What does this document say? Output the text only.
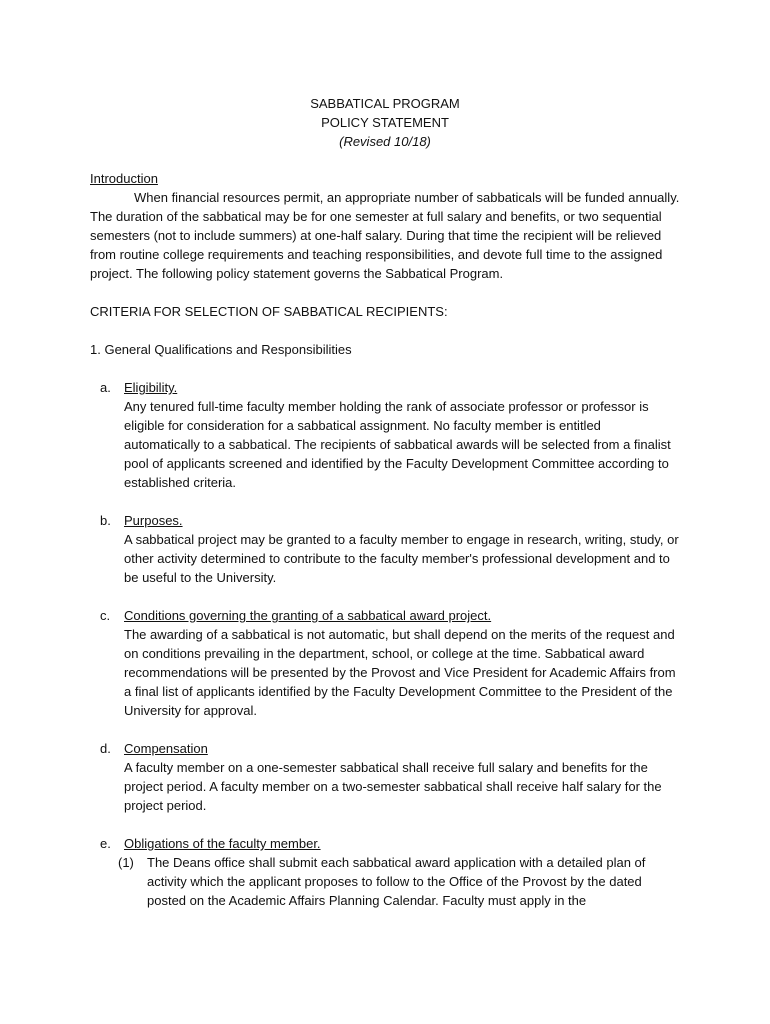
SABBATICAL PROGRAM
POLICY STATEMENT
(Revised 10/18)
Introduction

When financial resources permit, an appropriate number of sabbaticals will be funded annually. The duration of the sabbatical may be for one semester at full salary and benefits, or two sequential semesters (not to include summers) at one-half salary. During that time the recipient will be relieved from routine college requirements and teaching responsibilities, and devote full time to the assigned project. The following policy statement governs the Sabbatical Program.

CRITERIA FOR SELECTION OF SABBATICAL RECIPIENTS:
1. General Qualifications and Responsibilities
a. Eligibility.

Any tenured full-time faculty member holding the rank of associate professor or professor is eligible for consideration for a sabbatical assignment. No faculty member is entitled automatically to a sabbatical. The recipients of sabbatical awards will be selected from a finalist pool of applicants screened and identified by the Faculty Development Committee according to established criteria.

b. Purposes.

A sabbatical project may be granted to a faculty member to engage in research, writing, study, or other activity determined to contribute to the faculty member's professional development and to be useful to the University.

c. Conditions governing the granting of a sabbatical award project.

The awarding of a sabbatical is not automatic, but shall depend on the merits of the request and on conditions prevailing in the department, school, or college at the time. Sabbatical award recommendations will be presented by the Provost and Vice President for Academic Affairs from a final list of applicants identified by the Faculty Development Committee to the President of the University for approval.

d. Compensation

A faculty member on a one-semester sabbatical shall receive full salary and benefits for the project period. A faculty member on a two-semester sabbatical shall receive half salary for the project period.

e. Obligations of the faculty member.
(1) The Deans office shall submit each sabbatical award application with a detailed plan of activity which the applicant proposes to follow to the Office of the Provost by the dated posted on the Academic Affairs Planning Calendar. Faculty must apply in the
